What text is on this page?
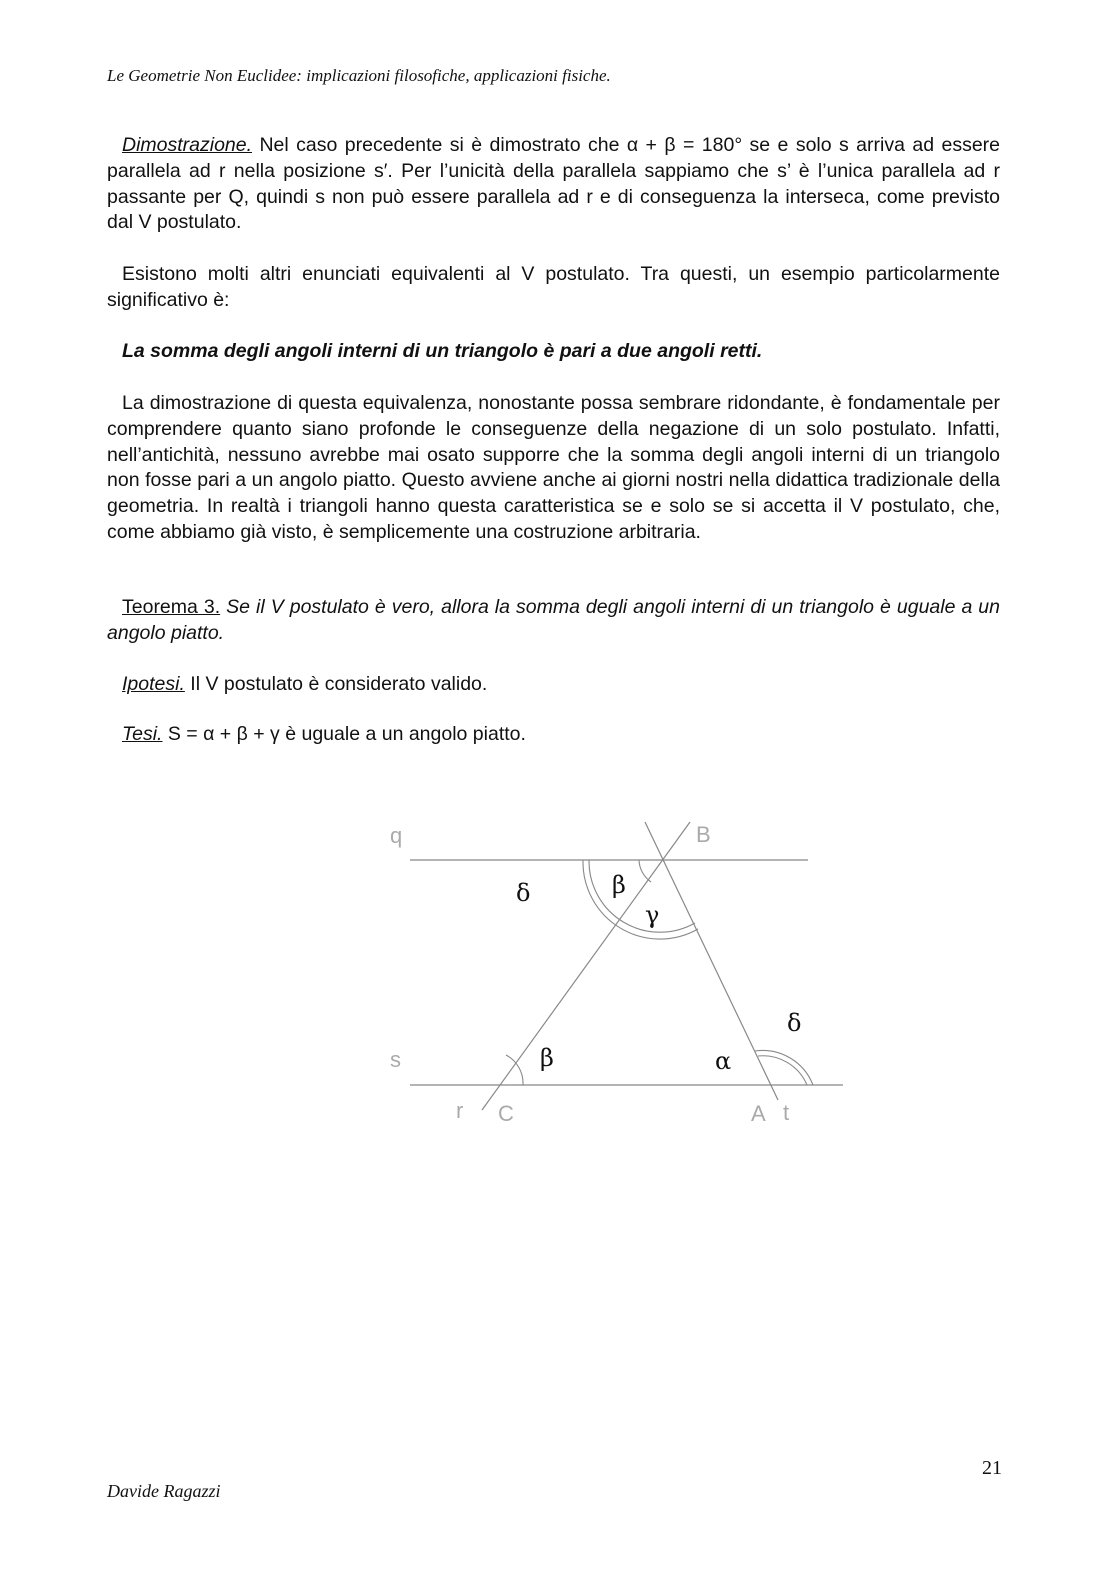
Le Geometrie Non Euclidee: implicazioni filosofiche, applicazioni fisiche.

Dimostrazione. Nel caso precedente si è dimostrato che α + β = 180° se e solo s arriva ad essere parallela ad r nella posizione s′. Per l’unicità della parallela sappiamo che s’ è l’unica parallela ad r passante per Q, quindi s non può essere parallela ad r e di conseguenza la interseca, come previsto dal V postulato.

Esistono molti altri enunciati equivalenti al V postulato. Tra questi, un esempio particolarmente significativo è:

La somma degli angoli interni di un triangolo è pari a due angoli retti.

La dimostrazione di questa equivalenza, nonostante possa sembrare ridondante, è fondamentale per comprendere quanto siano profonde le conseguenze della negazione di un solo postulato. Infatti, nell’antichità, nessuno avrebbe mai osato supporre che la somma degli angoli interni di un triangolo non fosse pari a un angolo piatto. Questo avviene anche ai giorni nostri nella didattica tradizionale della geometria. In realtà i triangoli hanno questa caratteristica se e solo se si accetta il V postulato, che, come abbiamo già visto, è semplicemente una costruzione arbitraria.

Teorema 3. Se il V postulato è vero, allora la somma degli angoli interni di un triangolo è uguale a un angolo piatto.

Ipotesi. Il V postulato è considerato valido.

Tesi. S = α + β + γ è uguale a un angolo piatto.

q	B
s
r C	A t
δ	β
γ
δ
β	α
21
Davide Ragazzi
